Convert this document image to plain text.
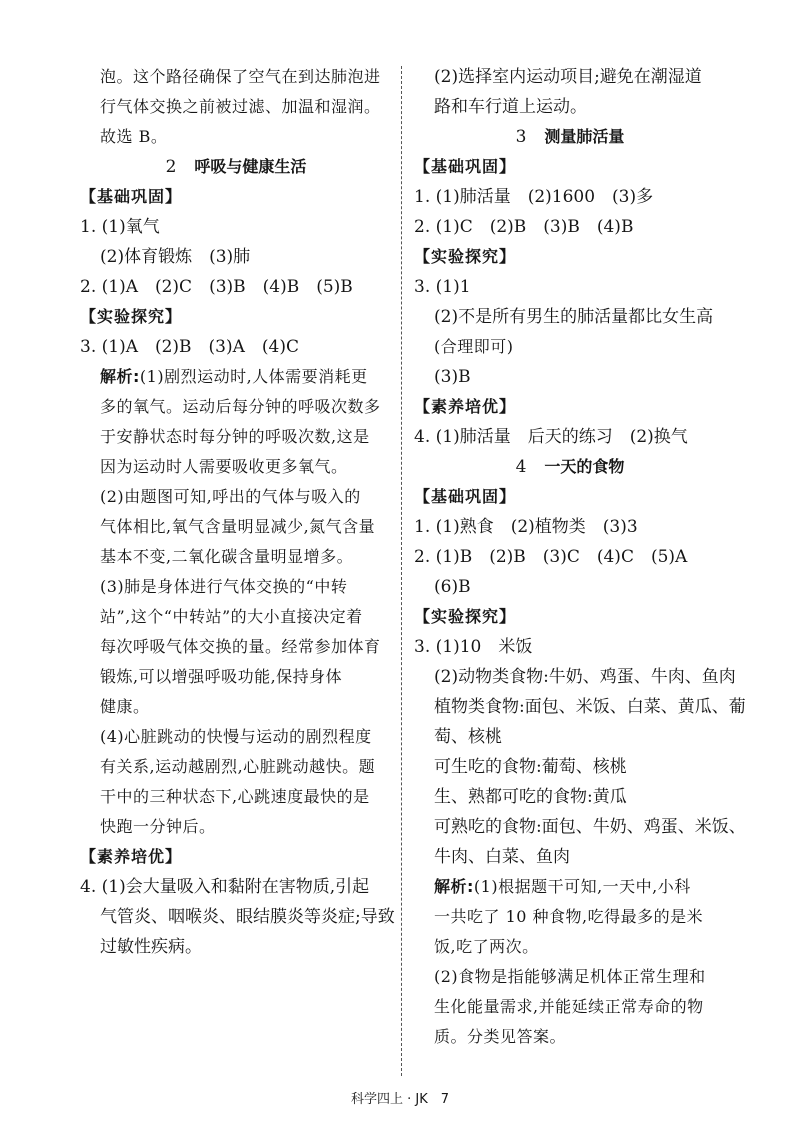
泡。这个路径确保了空气在到达肺泡进
行气体交换之前被过滤、加温和湿润。
故选 B。
2 呼吸与健康生活
【基础巩固】
1. (1)氧气
(2)体育锻炼　(3)肺
2. (1)A　(2)C　(3)B　(4)B　(5)B
【实验探究】
3. (1)A　(2)B　(3)A　(4)C
解析:(1)剧烈运动时,人体需要消耗更
多的氧气。运动后每分钟的呼吸次数多
于安静状态时每分钟的呼吸次数,这是
因为运动时人需要吸收更多氧气。
(2)由题图可知,呼出的气体与吸入的
气体相比,氧气含量明显减少,氮气含量
基本不变,二氧化碳含量明显增多。
(3)肺是身体进行气体交换的“中转
站”,这个“中转站”的大小直接决定着
每次呼吸气体交换的量。经常参加体育
锻炼,可以增强呼吸功能,保持身体
健康。
(4)心脏跳动的快慢与运动的剧烈程度
有关系,运动越剧烈,心脏跳动越快。题
干中的三种状态下,心跳速度最快的是
快跑一分钟后。
【素养培优】
4. (1)会大量吸入和黏附在害物质,引起
气管炎、咽喉炎、眼结膜炎等炎症;导致
过敏性疾病。
(2)选择室内运动项目;避免在潮湿道
路和车行道上运动。
3 测量肺活量
【基础巩固】
1. (1)肺活量　(2)1600　(3)多
2. (1)C　(2)B　(3)B　(4)B
【实验探究】
3. (1)1
(2)不是所有男生的肺活量都比女生高
(合理即可)
(3)B
【素养培优】
4. (1)肺活量　后天的练习　(2)换气
4 一天的食物
【基础巩固】
1. (1)熟食　(2)植物类　(3)3
2. (1)B　(2)B　(3)C　(4)C　(5)A
(6)B
【实验探究】
3. (1)10　米饭
(2)动物类食物:牛奶、鸡蛋、牛肉、鱼肉
植物类食物:面包、米饭、白菜、黄瓜、葡
萄、核桃
可生吃的食物:葡萄、核桃
生、熟都可吃的食物:黄瓜
可熟吃的食物:面包、牛奶、鸡蛋、米饭、
牛肉、白菜、鱼肉
解析:(1)根据题干可知,一天中,小科
一共吃了 10 种食物,吃得最多的是米
饭,吃了两次。
(2)食物是指能够满足机体正常生理和
生化能量需求,并能延续正常寿命的物
质。分类见答案。
科学四上 · JK　7
